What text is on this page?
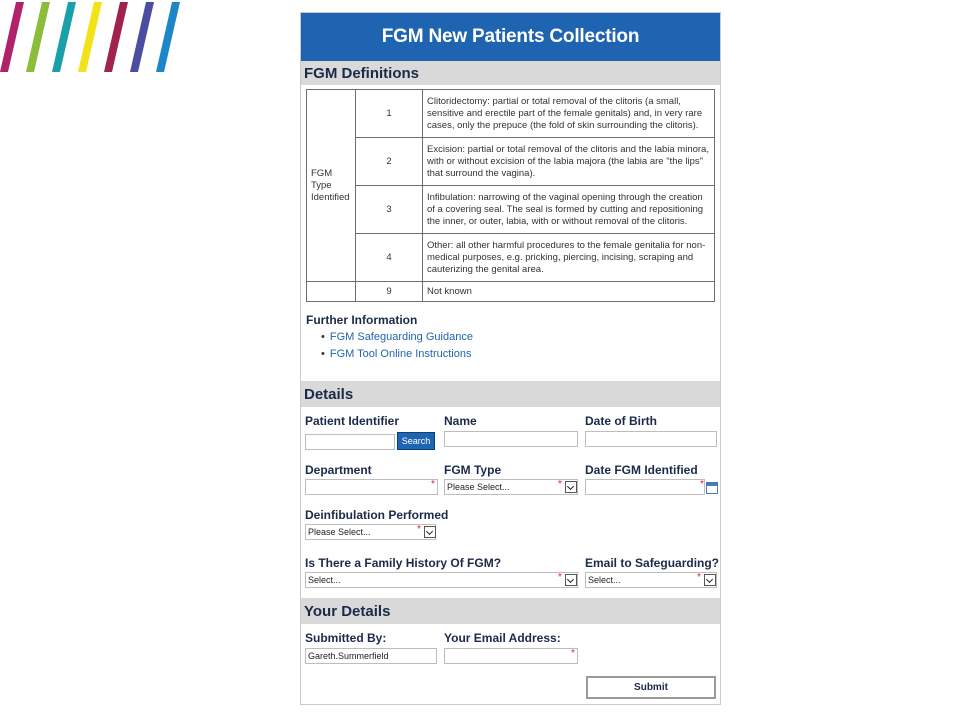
FGM New Patients Collection
FGM Definitions
FGM Type Identified	1	Clitoridectomy: partial or total removal of the clitoris (a small, sensitive and erectile part of the female genitals) and, in very rare cases, only the prepuce (the fold of skin surrounding the clitoris).
	2	Excision: partial or total removal of the clitoris and the labia minora, with or without excision of the labia majora (the labia are "the lips" that surround the vagina).
	3	Infibulation: narrowing of the vaginal opening through the creation of a covering seal. The seal is formed by cutting and repositioning the inner, or outer, labia, with or without removal of the clitoris.
	4	Other: all other harmful procedures to the female genitalia for non-medical purposes, e.g. pricking, piercing, incising, scraping and cauterizing the genital area.
	9	Not known
Further Information
• FGM Safeguarding Guidance
• FGM Tool Online Instructions
Details
Patient Identifier
Search
Name	Date of Birth
Department
*
FGM Type
Please Select...	*
Date FGM Identified
*
Deinfibulation Performed
Please Select...	*
Is There a Family History Of FGM?
Select...	*
Email to Safeguarding?
Select...	*
Your Details
Submitted By:
Gareth.Summerfield
Your Email Address:
*
Submit
